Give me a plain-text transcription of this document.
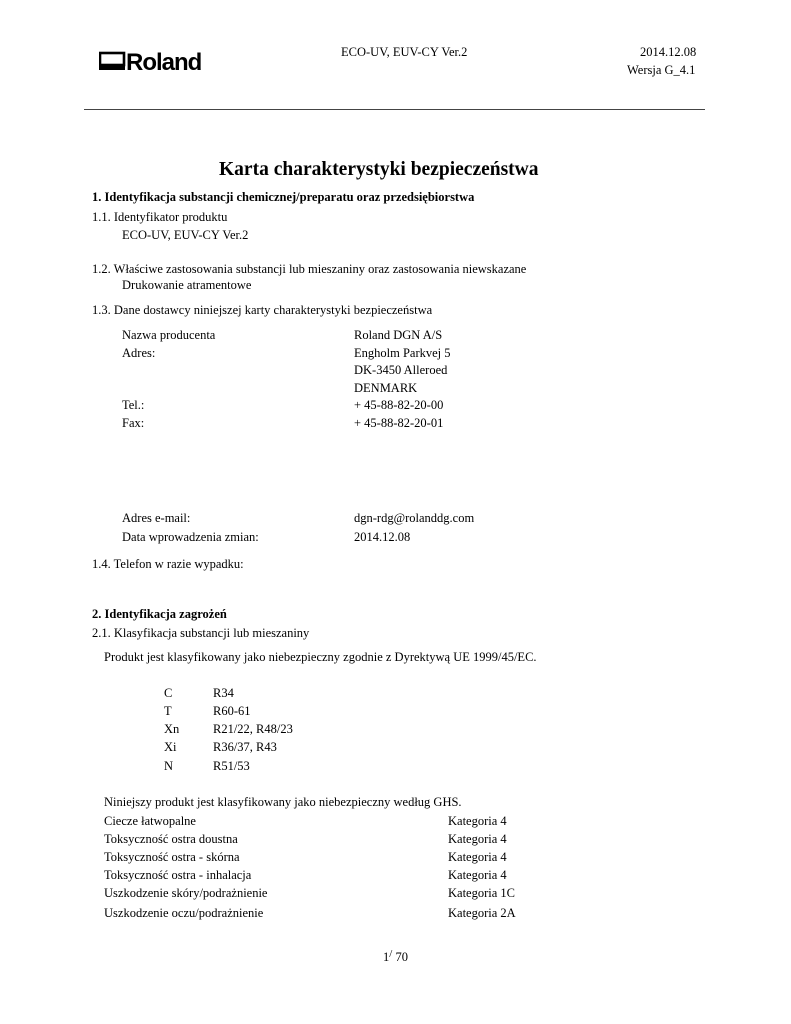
Roland	ECO-UV, EUV-CY Ver.2	2014.12.08
Wersja G_4.1
Karta charakterystyki bezpieczeństwa
1. Identyfikacja substancji chemicznej/preparatu oraz przedsiębiorstwa
1.1. Identyfikator produktu
ECO-UV, EUV-CY Ver.2
1.2. Właściwe zastosowania substancji lub mieszaniny oraz zastosowania niewskazane
Drukowanie atramentowe
1.3. Dane dostawcy niniejszej karty charakterystyki bezpieczeństwa
Nazwa producenta	Roland DGN A/S
Adres:	Engholm Parkvej 5
DK-3450 Alleroed
DENMARK
Tel.:	+ 45-88-82-20-00
Fax:	+ 45-88-82-20-01
Adres e-mail:	dgn-rdg@rolanddg.com
Data wprowadzenia zmian:	2014.12.08
1.4. Telefon w razie wypadku:
2. Identyfikacja zagrożeń
2.1. Klasyfikacja substancji lub mieszaniny
Produkt jest klasyfikowany jako niebezpieczny zgodnie z Dyrektywą UE 1999/45/EC.
C	R34
T	R60-61
Xn	R21/22, R48/23
Xi	R36/37, R43
N	R51/53
Niniejszy produkt jest klasyfikowany jako niebezpieczny według GHS.
Ciecze łatwopalne	Kategoria 4
Toksyczność ostra doustna	Kategoria 4
Toksyczność ostra - skórna	Kategoria 4
Toksyczność ostra - inhalacja	Kategoria 4
Uszkodzenie skóry/podrażnienie	Kategoria 1C
Uszkodzenie oczu/podrażnienie	Kategoria 2A
1/ 70
